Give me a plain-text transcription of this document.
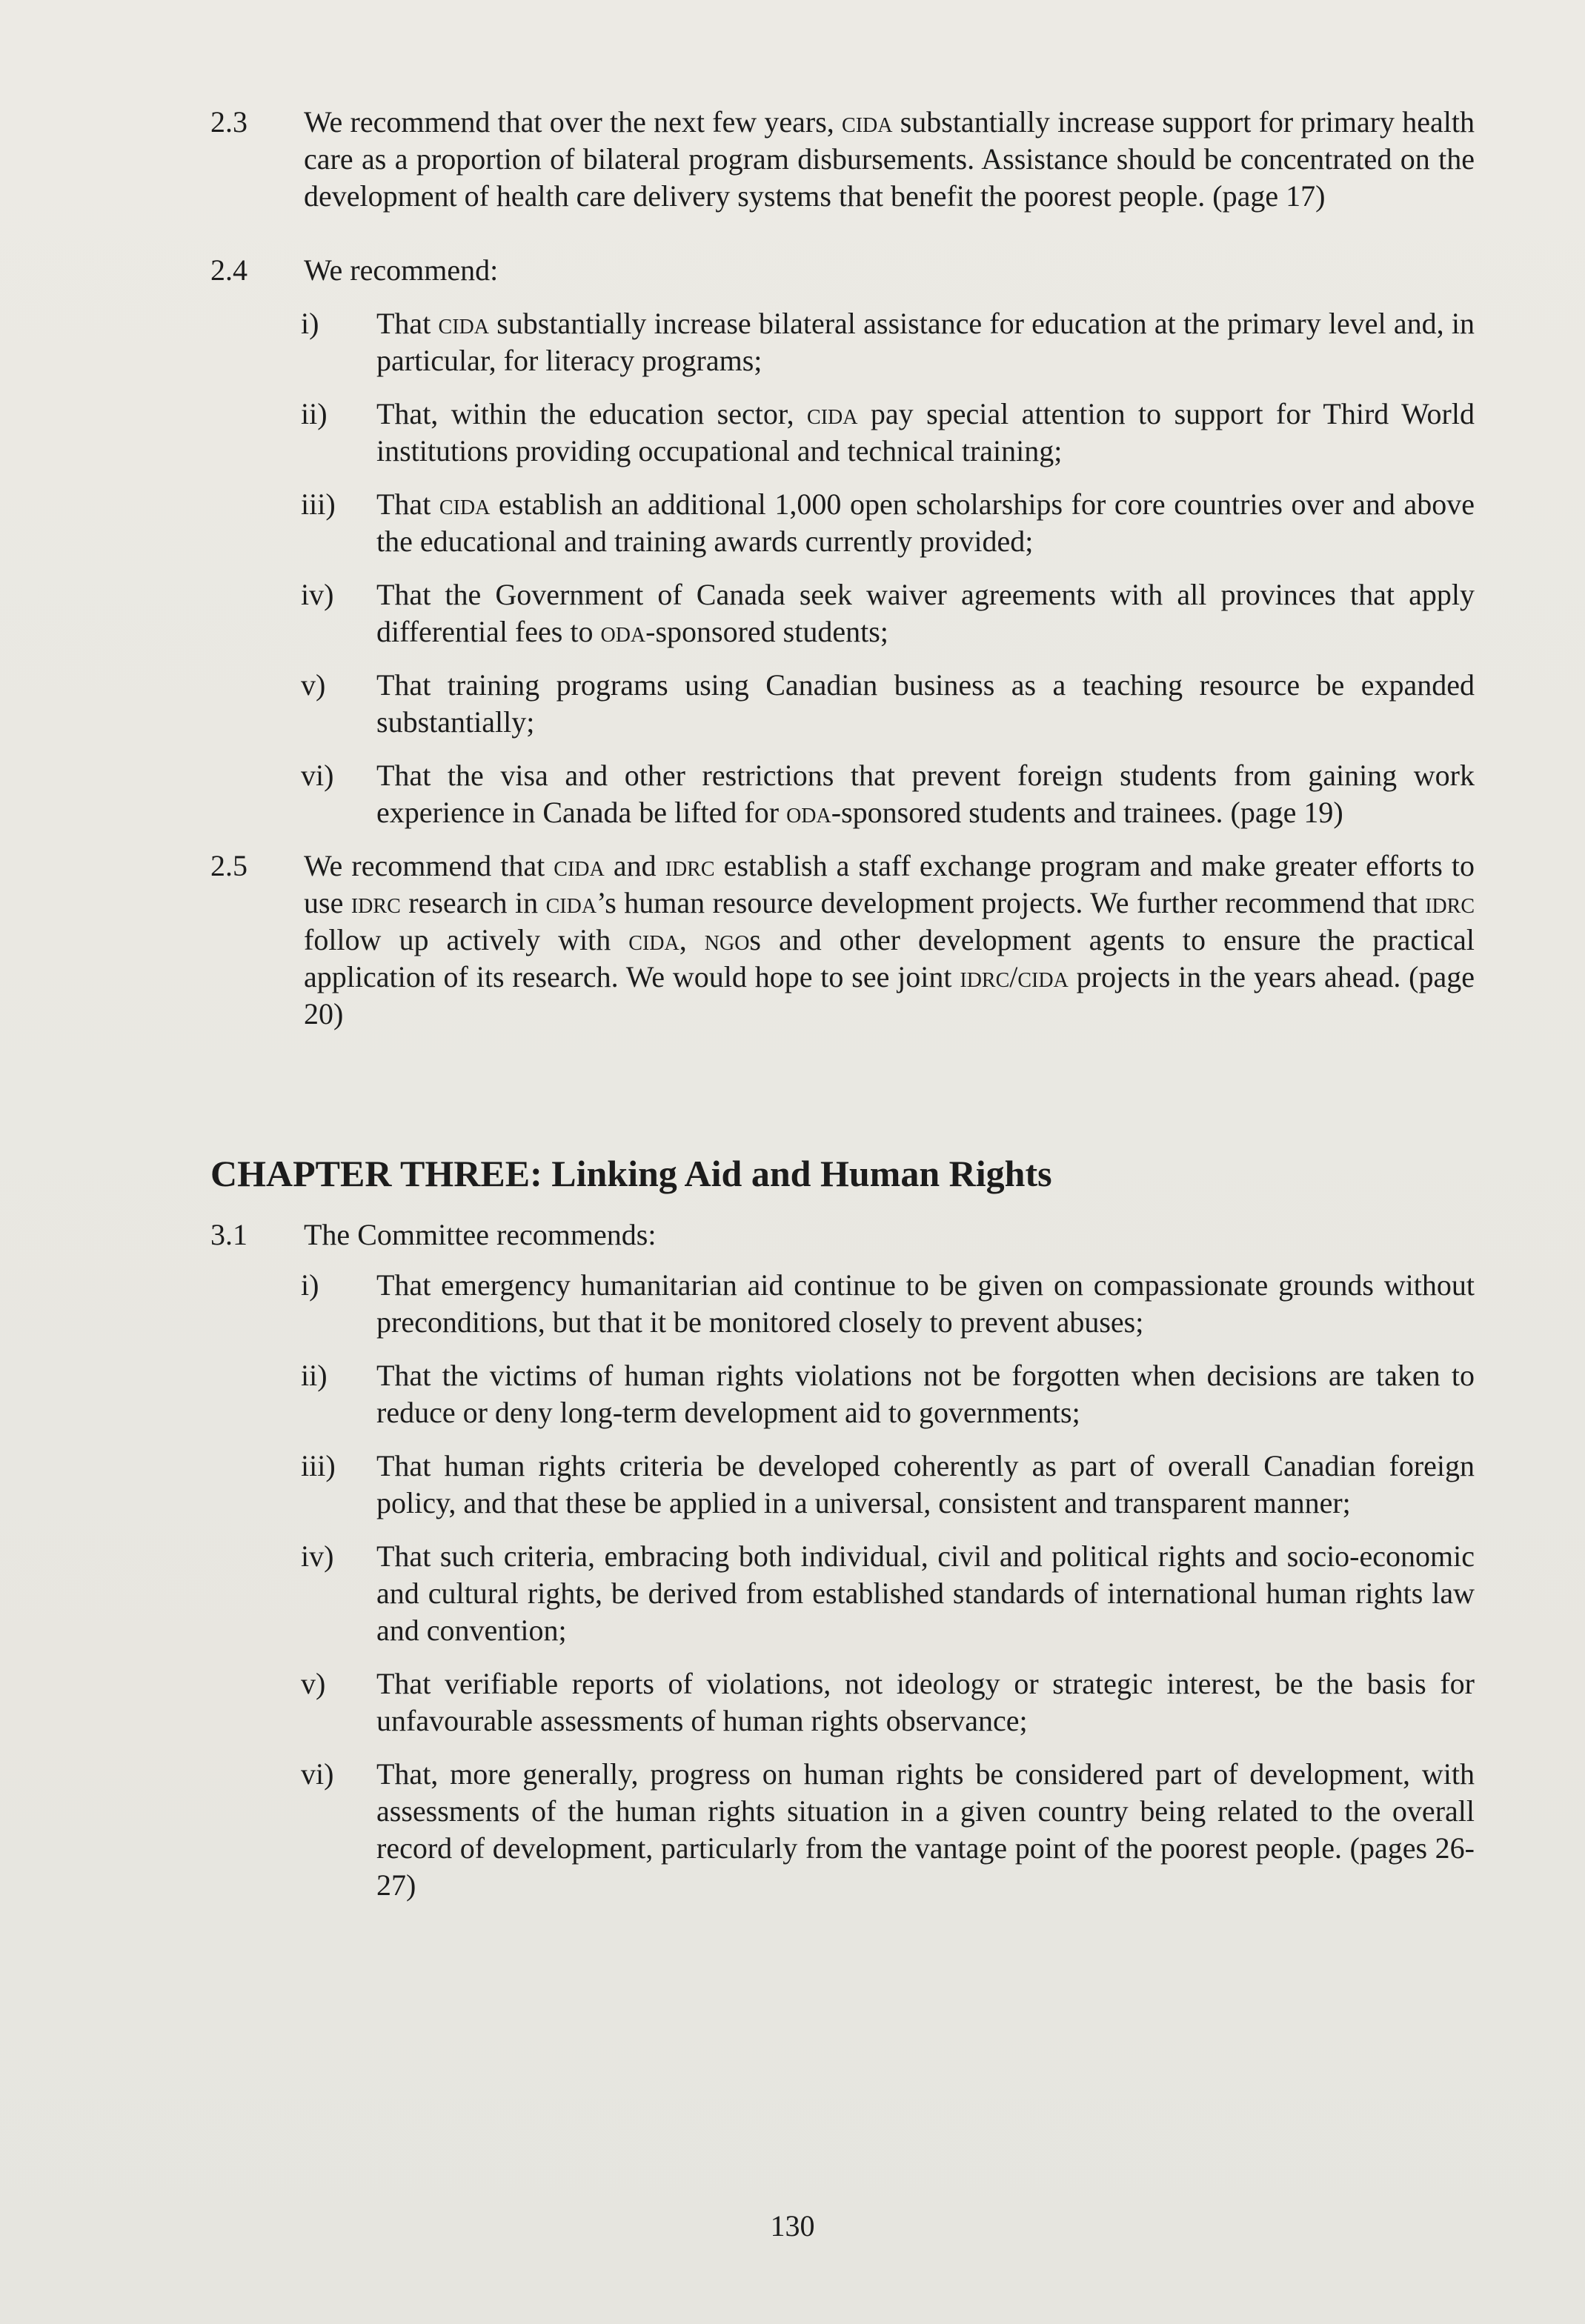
2.3 We recommend that over the next few years, cida substantially increase support for primary health care as a proportion of bilateral program disbursements. Assistance should be concentrated on the development of health care delivery systems that benefit the poorest people. (page 17)
2.4 We recommend:
i) That cida substantially increase bilateral assistance for education at the primary level and, in particular, for literacy programs;
ii) That, within the education sector, cida pay special attention to support for Third World institutions providing occupational and technical training;
iii) That cida establish an additional 1,000 open scholarships for core countries over and above the educational and training awards currently provided;
iv) That the Government of Canada seek waiver agreements with all provinces that apply differential fees to oda-sponsored students;
v) That training programs using Canadian business as a teaching resource be expanded substantially;
vi) That the visa and other restrictions that prevent foreign students from gaining work experience in Canada be lifted for oda-sponsored students and trainees. (page 19)
2.5 We recommend that cida and idrc establish a staff exchange program and make greater efforts to use idrc research in cida’s human resource development projects. We further recommend that idrc follow up actively with cida, ngos and other development agents to ensure the practical application of its research. We would hope to see joint idrc/cida projects in the years ahead. (page 20)
CHAPTER THREE: Linking Aid and Human Rights
3.1 The Committee recommends:
i) That emergency humanitarian aid continue to be given on compassionate grounds without preconditions, but that it be monitored closely to prevent abuses;
ii) That the victims of human rights violations not be forgotten when decisions are taken to reduce or deny long-term development aid to governments;
iii) That human rights criteria be developed coherently as part of overall Canadian foreign policy, and that these be applied in a universal, consistent and transparent manner;
iv) That such criteria, embracing both individual, civil and political rights and socio-economic and cultural rights, be derived from established standards of international human rights law and convention;
v) That verifiable reports of violations, not ideology or strategic interest, be the basis for unfavourable assessments of human rights observance;
vi) That, more generally, progress on human rights be considered part of development, with assessments of the human rights situation in a given country being related to the overall record of development, particularly from the vantage point of the poorest people. (pages 26-27)
130
